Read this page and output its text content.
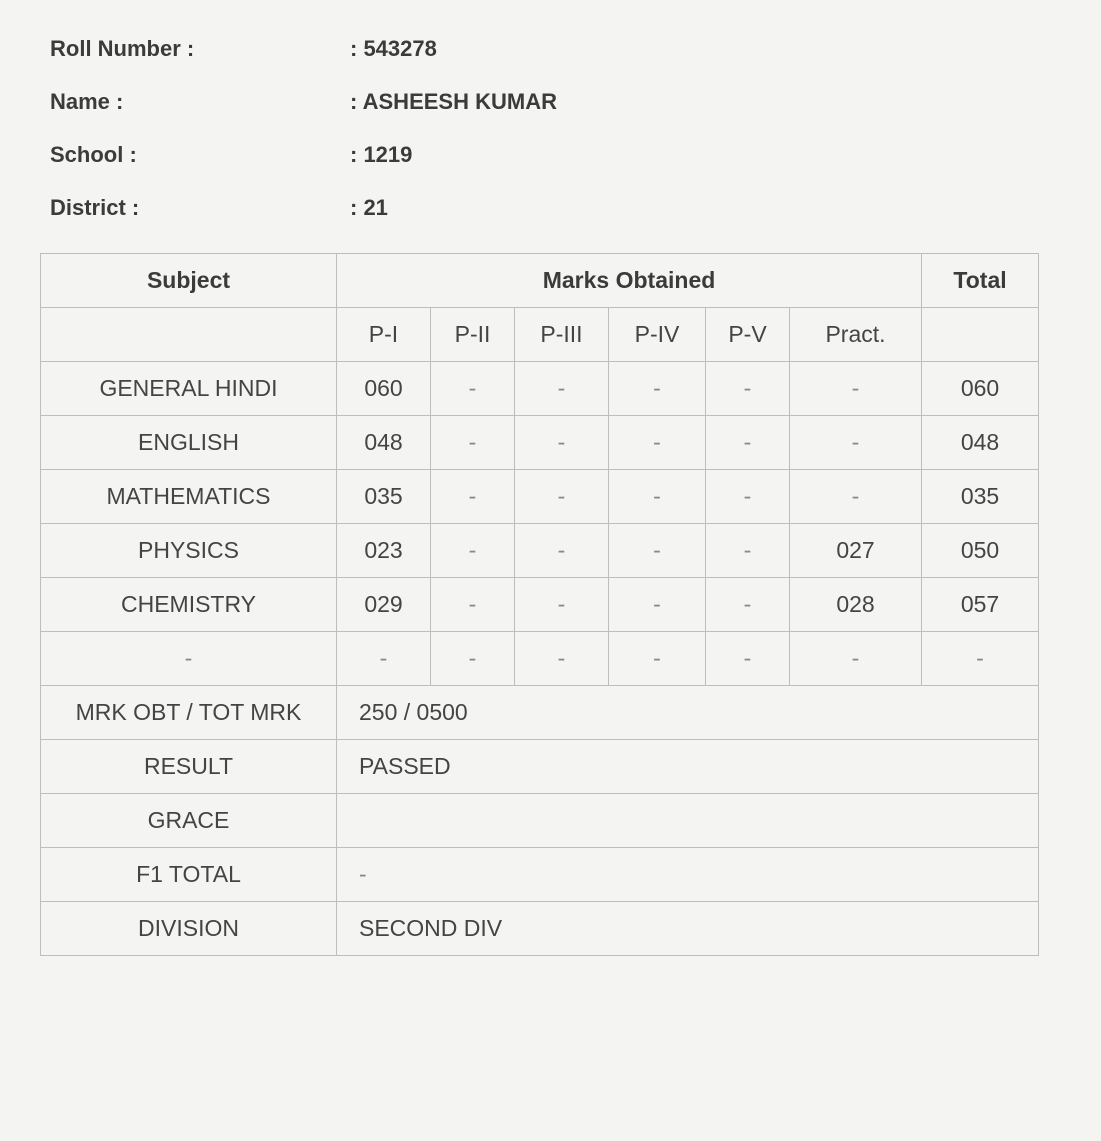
Roll Number :	: 543278
Name :	: ASHEESH KUMAR
School :	: 1219
District :	: 21
Subject	Marks Obtained						Total
	P-I	P-II	P-III	P-IV	P-V	Pract.	
GENERAL HINDI	060	-	-	-	-	-	060
ENGLISH	048	-	-	-	-	-	048
MATHEMATICS	035	-	-	-	-	-	035
PHYSICS	023	-	-	-	-	027	050
CHEMISTRY	029	-	-	-	-	028	057
-	-	-	-	-	-	-	-
MRK OBT / TOT MRK	250 / 0500						
RESULT	PASSED						
GRACE							
F1 TOTAL	-						
DIVISION	SECOND DIV						
